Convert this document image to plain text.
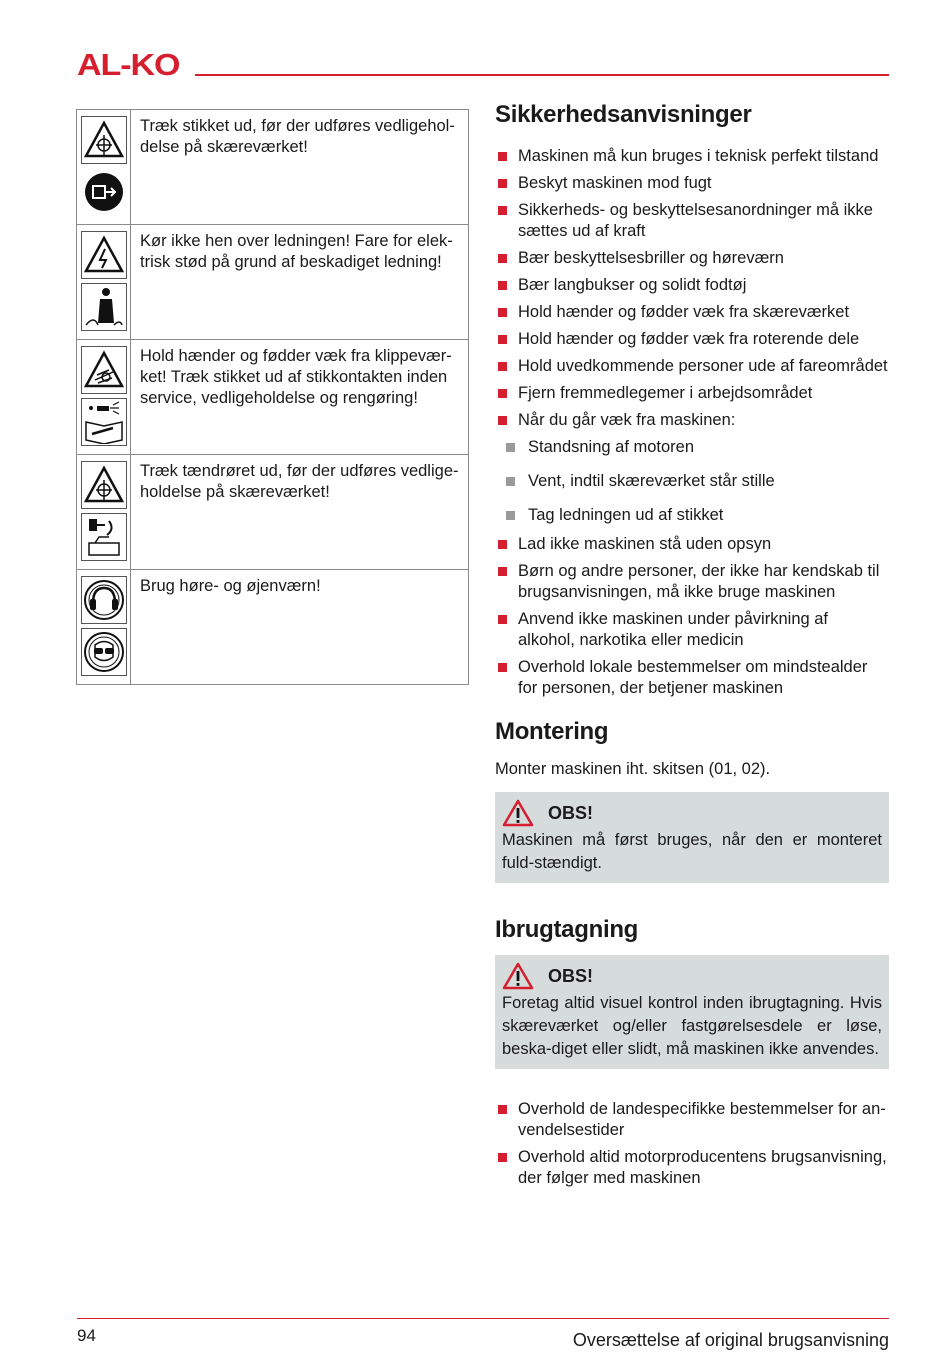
AL-KO
	Træk stikket ud, før der udføres vedligehol-delse på skæreværket!

	Kør ikke hen over ledningen! Fare for elek-trisk stød på grund af beskadiget ledning!

	Hold hænder og fødder væk fra klippevær-ket! Træk stikket ud af stikkontakten inden service, vedligeholdelse og rengøring!

	Træk tændrøret ud, før der udføres vedlige-holdelse på skæreværket!

	Brug høre- og øjenværn!
Sikkerhedsanvisninger
Maskinen må kun bruges i teknisk perfekt tilstand
Beskyt maskinen mod fugt
Sikkerheds- og beskyttelsesanordninger må ikke sættes ud af kraft
Bær beskyttelsesbriller og høreværn
Bær langbukser og solidt fodtøj
Hold hænder og fødder væk fra skæreværket
Hold hænder og fødder væk fra roterende dele
Hold uvedkommende personer ude af fareområdet
Fjern fremmedlegemer i arbejdsområdet
Når du går væk fra maskinen:
Standsning af motoren
Vent, indtil skæreværket står stille
Tag ledningen ud af stikket
Lad ikke maskinen stå uden opsyn
Børn og andre personer, der ikke har kendskab til brugsanvisningen, må ikke bruge maskinen
Anvend ikke maskinen under påvirkning af alkohol, narkotika eller medicin
Overhold lokale bestemmelser om mindstealder for personen, der betjener maskinen
Montering

Monter maskinen iht. skitsen (01, 02).

OBS!
Maskinen må først bruges, når den er monteret fuld-stændigt.
Ibrugtagning
OBS!
Foretag altid visuel kontrol inden ibrugtagning. Hvis skæreværket og/eller fastgørelsesdele er løse, beska-diget eller slidt, må maskinen ikke anvendes.
Overhold de landespecifikke bestemmelser for an-vendelsestider
Overhold altid motorproducentens brugsanvisning, der følger med maskinen
94	Oversættelse af original brugsanvisning
